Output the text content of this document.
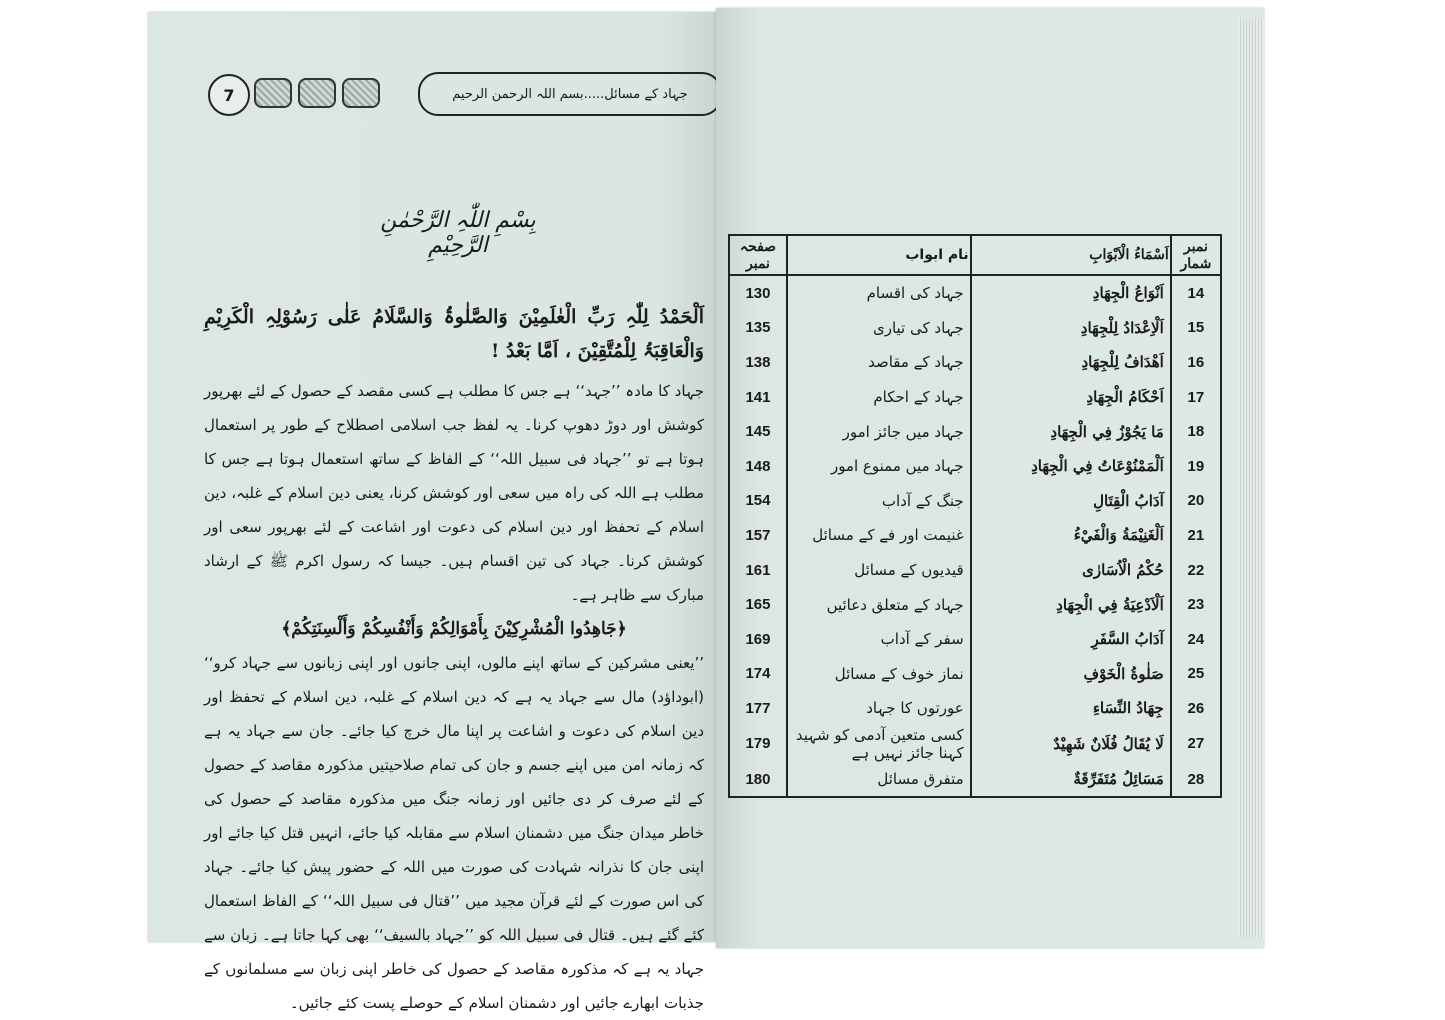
7	جہاد کے مسائل.....بسم اللہ الرحمن الرحیم
بِسْمِ اللّٰہِ الرَّحْمٰنِ الرَّحِیْمِ
اَلْحَمْدُ لِلّٰہِ رَبِّ الْعٰلَمِیْنَ وَالصَّلٰوۃُ وَالسَّلَامُ عَلٰی رَسُوْلِہِ الْکَرِیْمِ وَالْعَاقِبَۃُ لِلْمُتَّقِیْنَ ، اَمَّا بَعْدُ !

جہاد کا مادہ ’’جہد‘‘ ہے جس کا مطلب ہے کسی مقصد کے حصول کے لئے بھرپور کوشش اور دوڑ دھوپ کرنا۔ یہ لفظ جب اسلامی اصطلاح کے طور پر استعمال ہوتا ہے تو ’’جہاد فی سبیل اللہ‘‘ کے الفاظ کے ساتھ استعمال ہوتا ہے جس کا مطلب ہے اللہ کی راہ میں سعی اور کوشش کرنا، یعنی دین اسلام کے غلبہ، دین اسلام کے تحفظ اور دین اسلام کی دعوت اور اشاعت کے لئے بھرپور سعی اور کوشش کرنا۔ جہاد کی تین اقسام ہیں۔ جیسا کہ رسول اکرم ﷺ کے ارشاد مبارک سے ظاہر ہے۔

﴿جَاهِدُوا الْمُشْرِكِيْنَ بِأَمْوَالِكُمْ وَأَنْفُسِكُمْ وَأَلْسِنَتِكُمْ﴾

’’یعنی مشرکین کے ساتھ اپنے مالوں، اپنی جانوں اور اپنی زبانوں سے جہاد کرو‘‘ (ابوداؤد) مال سے جہاد یہ ہے کہ دین اسلام کے غلبہ، دین اسلام کے تحفظ اور دین اسلام کی دعوت و اشاعت پر اپنا مال خرچ کیا جائے۔ جان سے جہاد یہ ہے کہ زمانہ امن میں اپنے جسم و جان کی تمام صلاحیتیں مذکورہ مقاصد کے حصول کے لئے صرف کر دی جائیں اور زمانہ جنگ میں مذکورہ مقاصد کے حصول کی خاطر میدان جنگ میں دشمنان اسلام سے مقابلہ کیا جائے، انہیں قتل کیا جائے اور اپنی جان کا نذرانہ شہادت کی صورت میں اللہ کے حضور پیش کیا جائے۔ جہاد کی اس صورت کے لئے قرآن مجید میں ’’قتال فی سبیل اللہ‘‘ کے الفاظ استعمال کئے گئے ہیں۔ قتال فی سبیل اللہ کو ’’جہاد بالسیف‘‘ بھی کہا جاتا ہے۔ زبان سے جہاد یہ ہے کہ مذکورہ مقاصد کے حصول کی خاطر اپنی زبان سے مسلمانوں کے جذبات ابھارے جائیں اور دشمنان اسلام کے حوصلے پست کئے جائیں۔

نمبر شمار	اَسْمَاءُ الْاَبْوَابِ	نام ابواب	صفحہ نمبر
14	اَنْوَاعُ الْجِهَادِ	جہاد کی اقسام	130
15	اَلْاِعْدَادُ لِلْجِهَادِ	جہاد کی تیاری	135
16	اَهْدَافُ لِلْجِهَادِ	جہاد کے مقاصد	138
17	اَحْكَامُ الْجِهَادِ	جہاد کے احکام	141
18	مَا يَجُوْزُ فِي الْجِهَادِ	جہاد میں جائز امور	145
19	اَلْمَمْنُوْعَاتُ فِي الْجِهَادِ	جہاد میں ممنوع امور	148
20	آدَابُ الْقِتَالِ	جنگ کے آداب	154
21	اَلْغَنِيْمَةُ وَالْفَيْءُ	غنیمت اور فے کے مسائل	157
22	حُكْمُ الْاُسَارٰى	قیدیوں کے مسائل	161
23	اَلْاَدْعِيَةُ فِي الْجِهَادِ	جہاد کے متعلق دعائیں	165
24	آدَابُ السَّفَرِ	سفر کے آداب	169
25	صَلٰوةُ الْخَوْفِ	نماز خوف کے مسائل	174
26	جِهَادُ النِّسَاءِ	عورتوں کا جہاد	177
27	لَا يُقَالُ فُلَانٌ شَهِيْدٌ	کسی متعین آدمی کو شہید کہنا جائز نہیں ہے	179
28	مَسَائِلُ مُتَفَرِّقَةٌ	متفرق مسائل	180
